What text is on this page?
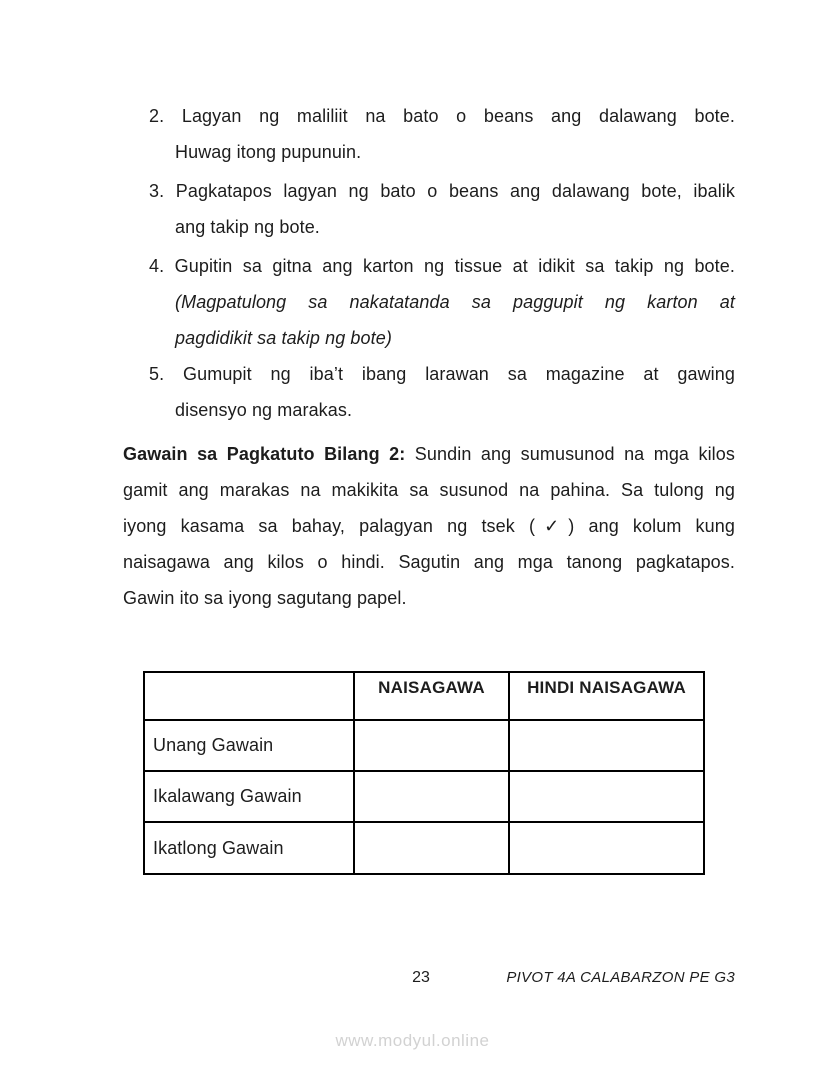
2. Lagyan ng maliliit na bato o beans ang dalawang bote.
Huwag itong pupunuin.
3. Pagkatapos lagyan ng bato o beans ang dalawang bote, ibalik
ang takip ng bote.
4. Gupitin sa gitna ang karton ng tissue at idikit sa takip ng bote.
(Magpatulong sa nakatatanda sa paggupit ng karton at
pagdidikit sa takip ng bote)
5. Gumupit ng iba’t ibang larawan sa magazine at gawing
disensyo ng marakas.
Gawain sa Pagkatuto Bilang 2: Sundin ang sumusunod na mga kilos
gamit ang marakas na makikita sa susunod na pahina. Sa tulong ng
iyong kasama sa bahay, palagyan ng tsek (✓) ang kolum kung
naisagawa ang kilos o hindi. Sagutin ang mga tanong pagkatapos.
Gawin ito sa iyong sagutang papel.
	NAISAGAWA	HINDI NAISAGAWA
Unang Gawain		
Ikalawang Gawain		
Ikatlong Gawain		
23	PIVOT 4A CALABARZON PE G3
www.modyul.online
